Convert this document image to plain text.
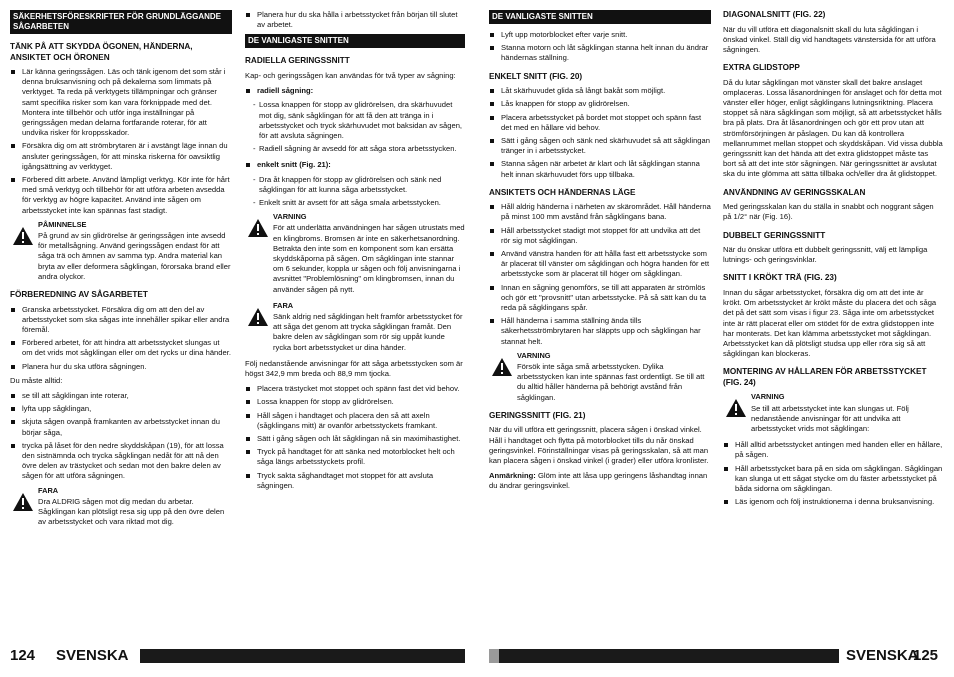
SÄKERHETSFÖRESKRIFTER FÖR GRUNDLÄGGANDE SÅGARBETEN
TÄNK PÅ ATT SKYDDA ÖGONEN, HÄNDERNA, ANSIKTET OCH ÖRONEN
Lär känna geringssågen. Läs och tänk igenom det som står i denna bruksanvisning och på dekalerna som limmats på verktyget. Ta reda på verktygets tillämpningar och gränser samt specifika risker som kan vara förknippade med det. Montera inte tillbehör och utför inga inställningar på geringssågen medan delarna fortfarande roterar, för att undvika risker för kroppsskador.
Försäkra dig om att strömbrytaren är i avstängt läge innan du ansluter geringssågen, för att minska riskerna för oavsiktlig igångsättning av verktyget.
Förbered ditt arbete. Använd lämpligt verktyg. Kör inte för hårt med små verktyg och tillbehör för att utföra arbeten avsedda för verktyg av högre kapacitet. Använd inte sågen om arbetsstycket inte kan spännas fast stadigt.
PÅMINNELSE
På grund av sin glidrörelse är geringssågen inte avsedd för metallsågning. Använd geringssågen endast för att såga trä och ämnen av samma typ. Andra material kan bryta av eller deformera sågklingan, förorsaka brand eller andra olyckor.
FÖRBEREDNING AV SÅGARBETET
Granska arbetsstycket. Försäkra dig om att den del av arbetsstycket som ska sågas inte innehåller spikar eller andra föremål.
Förbered arbetet, för att hindra att arbetsstycket slungas ut om det vrids mot sågklingan eller om det rycks ur dina händer.
Planera hur du ska utföra sågningen.

Du måste alltid:

se till att sågklingan inte roterar,
lyfta upp sågklingan,
skjuta sågen ovanpå framkanten av arbetsstycket innan du börjar såga,
trycka på låset för den nedre skyddskåpan (19), för att lossa den sistnämnda och trycka sågklingan nedåt för att nå den övre delen av trästycket och sedan mot den bakre delen av sågen för att utföra sågningen.
FARA
Dra ALDRIG sågen mot dig medan du arbetar. Sågklingan kan plötsligt resa sig upp på den övre delen av arbetsstycket och vara riktad mot dig.
Planera hur du ska hålla i arbetsstycket från början till slutet av arbetet.
DE VANLIGASTE SNITTEN
RADIELLA GERINGSSNITT

Kap- och geringssågen kan användas för två typer av sågning:

radiell sågning:
- Lossa knappen för stopp av glidrörelsen, dra skärhuvudet mot dig, sänk sågklingan för att få den att tränga in i arbetsstycket och tryck skärhuvudet mot baksidan av sågen, för att avsluta sågningen.
- Radiell sågning är avsedd för att såga stora arbetsstycken.
enkelt snitt (Fig. 21):
- Dra åt knappen för stopp av glidrörelsen och sänk ned sågklingan för att kunna såga arbetsstycket.
- Enkelt snitt är avsett för att såga smala arbetsstycken.
VARNING
För att underlätta användningen har sågen utrustats med en klingbroms. Bromsen är inte en säkerhetsanordning. Betrakta den inte som en komponent som kan ersätta skyddskåporna på sågen. Om sågklingan inte stannar om 6 sekunder, koppla ur sågen och följ anvisningarna i avsnittet "Problemlösning" om klingbromsen, innan du använder sågen på nytt.
FARA
Sänk aldrig ned sågklingan helt framför arbetsstycket för att såga det genom att trycka sågklingan framåt. Den bakre delen av sågklingan som rör sig uppåt kunde rycka bort arbetsstycket ur dina händer.

Följ nedanstående anvisningar för att såga arbetsstycken som är högst 342,9 mm breda och 88,9 mm tjocka.

Placera trästycket mot stoppet och spänn fast det vid behov.
Lossa knappen för stopp av glidrörelsen.
Håll sågen i handtaget och placera den så att axeln (sågklingans mitt) är ovanför arbetsstyckets framkant.
Sätt i gång sågen och låt sågklingan nå sin maximihastighet.
Tryck på handtaget för att sänka ned motorblocket helt och såga längs arbetsstyckets profil.
Tryck sakta såghandtaget mot stoppet för att avsluta sågningen.
DE VANLIGASTE SNITTEN
Lyft upp motorblocket efter varje snitt.
Stanna motorn och låt sågklingan stanna helt innan du ändrar händernas ställning.
ENKELT SNITT (FIG. 20)
Låt skärhuvudet glida så långt bakåt som möjligt.
Lås knappen för stopp av glidrörelsen.
Placera arbetsstycket på bordet mot stoppet och spänn fast det med en hållare vid behov.
Sätt i gång sågen och sänk ned skärhuvudet så att sågklingan tränger in i arbetsstycket.
Stanna sågen när arbetet är klart och låt sågklingan stanna helt innan skärhuvudet förs upp tillbaka.
ANSIKTETS OCH HÄNDERNAS LÄGE
Håll aldrig händerna i närheten av skärområdet. Håll händerna på minst 100 mm avstånd från sågklingans bana.
Håll arbetsstycket stadigt mot stoppet för att undvika att det rör sig mot sågklingan.
Använd vänstra handen för att hålla fast ett arbetsstycke som är placerat till vänster om sågklingan och högra handen för ett arbetsstycke som är placerat till höger om sågklingan.
Innan en sågning genomförs, se till att apparaten är strömlös och gör ett "provsnitt" utan arbetsstycke. På så sätt kan du ta reda på sågklingans spår.
Håll händerna i samma ställning ända tills säkerhetsströmbrytaren har släppts upp och sågklingan har stannat helt.
VARNING
Försök inte såga små arbetsstycken. Dylika arbetsstycken kan inte spännas fast ordentligt. Se till att du alltid håller händerna på behörigt avstånd från sågklingan.
GERINGSSNITT (FIG. 21)

När du vill utföra ett geringssnitt, placera sågen i önskad vinkel. Håll i handtaget och flytta på motorblocket tills du når önskad geringsvinkel. Förinställningar visas på geringsskalan, så att man kan placera sågen i önskad vinkel (i grader) eller utföra kronlister.

Anmärkning: Glöm inte att låsa upp geringens låshandtag innan du ändrar geringsvinkel.

DIAGONALSNITT (FIG. 22)

När du vill utföra ett diagonalsnitt skall du luta sågklingan i önskad vinkel. Ställ dig vid handtagets vänstersida för att utföra sågningen.

EXTRA GLIDSTOPP

Då du lutar sågklingan mot vänster skall det bakre anslaget omplaceras. Lossa låsanordningen för anslaget och för detta mot vänster eller höger, enligt sågklingans lutningsriktning. Placera stoppet så nära sågklingan som möjligt, så att arbetsstycket hålls bra på plats. Dra åt låsanordningen och gör ett prov utan att strömförsörjningen är påslagen. Du kan då kontrollera mellanrummet mellan stoppet och skyddskåpan. Vid vissa dubbla geringssnitt kan det hända att det extra glidstoppet måste tas bort så att det inte stör sågningen. När geringssnittet är avslutat ska du inte glömma att sätta tillbaka och/eller dra åt glidstoppet.

ANVÄNDNING AV GERINGSSKALAN

Med geringsskalan kan du ställa in snabbt och noggrant sågen på 1/2° när (Fig. 16).

DUBBELT GERINGSSNITT

När du önskar utföra ett dubbelt geringssnitt, välj ett lämpliga lutnings- och geringsvinklar.

SNITT I KRÖKT TRÄ (FIG. 23)

Innan du sågar arbetsstycket, försäkra dig om att det inte är krökt. Om arbetsstycket är krökt måste du placera det och såga det på det sätt som visas i figur 23. Såga inte om arbetsstycket inte är rätt placerat eller om stödet för de extra glidstoppen inte har monterats. Det kan klämma arbetsstycket mot sågklingan. Arbetsstycket kan då plötsligt studsa upp eller röra sig så att sågklingan kan blockeras.

MONTERING AV HÅLLAREN FÖR ARBETSSTYCKET (FIG. 24)
VARNING
Se till att arbetsstycket inte kan slungas ut. Följ nedanstående anvisningar för att undvika att arbetsstycket vrids mot sågklingan:
Håll alltid arbetsstycket antingen med handen eller en hållare, på sågen.
Håll arbetsstycket bara på en sida om sågklingan. Sågklingan kan slunga ut ett sågat stycke om du fäster arbetsstycket på båda sidorna om sågklingan.
Läs igenom och följ instruktionerna i denna bruksanvisning.
124 SVENSKA	SVENSKA
125
